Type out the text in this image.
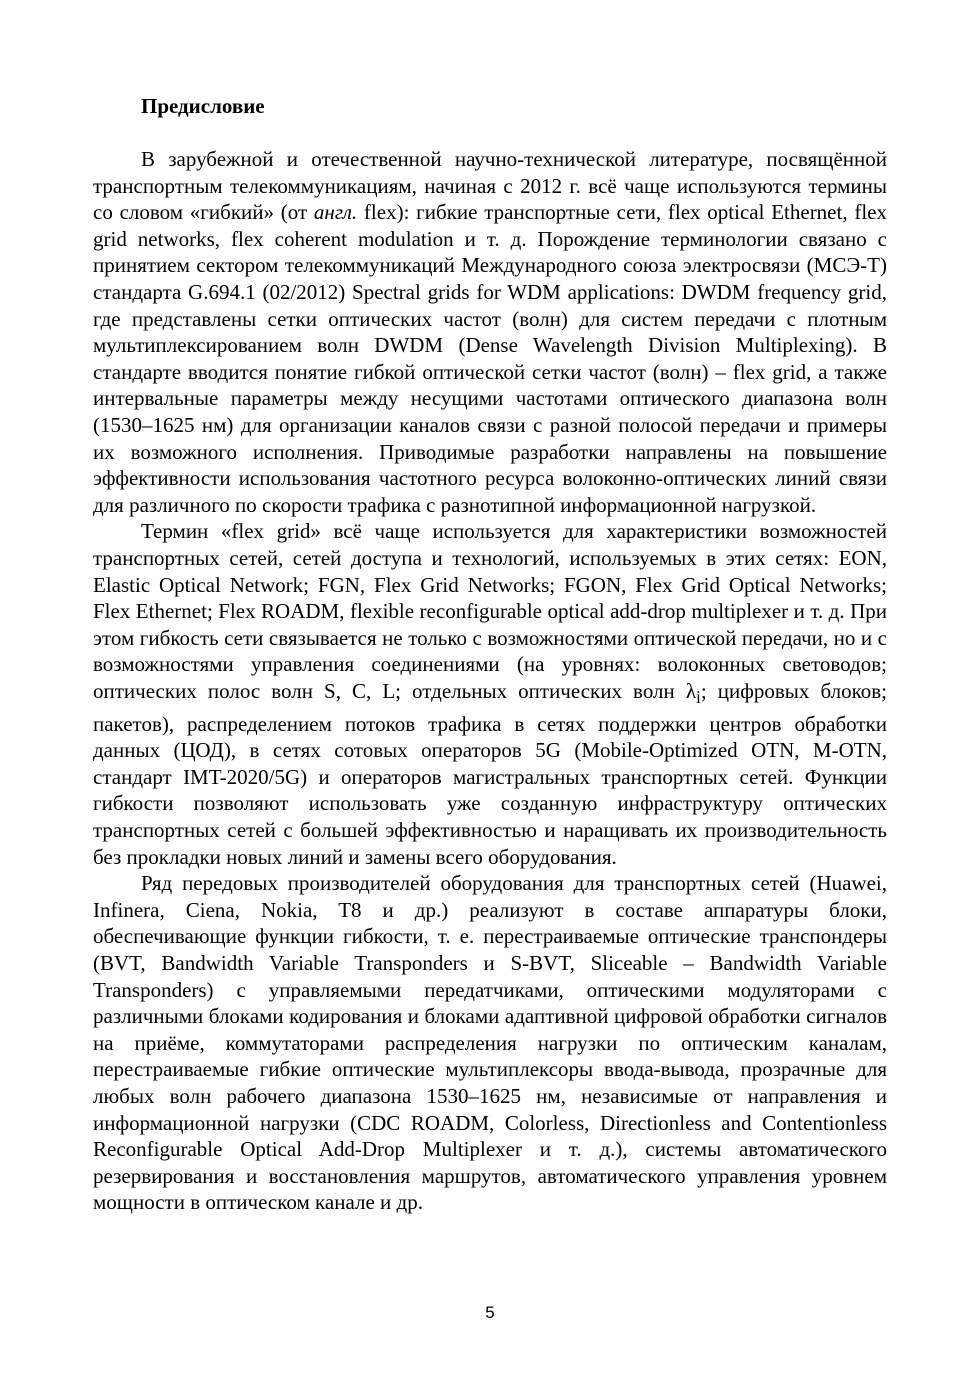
Предисловие

В зарубежной и отечественной научно-технической литературе, посвящённой транспортным телекоммуникациям, начиная с 2012 г. всё чаще используются термины со словом «гибкий» (от англ. flex): гибкие транспортные сети, flex optical Ethernet, flex grid networks, flex coherent modulation и т. д. Порождение терминологии связано с принятием сектором телекоммуникаций Международного союза электросвязи (МСЭ-Т) стандарта G.694.1 (02/2012) Spectral grids for WDM applications: DWDM frequency grid, где представлены сетки оптических частот (волн) для систем передачи с плотным мультиплексированием волн DWDM (Dense Wavelength Division Multiplexing). В стандарте вводится понятие гибкой оптической сетки частот (волн) – flex grid, а также интервальные параметры между несущими частотами оптического диапазона волн (1530–1625 нм) для организации каналов связи с разной полосой передачи и примеры их возможного исполнения. Приводимые разработки направлены на повышение эффективности использования частотного ресурса волоконно-оптических линий связи для различного по скорости трафика с разнотипной информационной нагрузкой.

Термин «flex grid» всё чаще используется для характеристики возможностей транспортных сетей, сетей доступа и технологий, используемых в этих сетях: EON, Elastic Optical Network; FGN, Flex Grid Networks; FGON, Flex Grid Optical Networks; Flex Ethernet; Flex ROADM, flexible reconfigurable optical add-drop multiplexer и т. д. При этом гибкость сети связывается не только с возможностями оптической передачи, но и с возможностями управления соединениями (на уровнях: волоконных световодов; оптических полос волн S, C, L; отдельных оптических волн $\lambda_i$; цифровых блоков; пакетов), распределением потоков трафика в сетях поддержки центров обработки данных (ЦОД), в сетях сотовых операторов 5G (Mobile-Optimized OTN, M-OTN, стандарт IMT-2020/5G) и операторов магистральных транспортных сетей. Функции гибкости позволяют использовать уже созданную инфраструктуру оптических транспортных сетей с большей эффективностью и наращивать их производительность без прокладки новых линий и замены всего оборудования.

Ряд передовых производителей оборудования для транспортных сетей (Huawei, Infinera, Ciena, Nokia, T8 и др.) реализуют в составе аппаратуры блоки, обеспечивающие функции гибкости, т. е. перестраиваемые оптические транспондеры (BVT, Bandwidth Variable Transponders и S-BVT, Sliceable – Bandwidth Variable Transponders) с управляемыми передатчиками, оптическими модуляторами с различными блоками кодирования и блоками адаптивной цифровой обработки сигналов на приёме, коммутаторами распределения нагрузки по оптическим каналам, перестраиваемые гибкие оптические мультиплексоры ввода-вывода, прозрачные для любых волн рабочего диапазона 1530–1625 нм, независимые от направления и информационной нагрузки (CDC ROADM, Colorless, Directionless and Contentionless Reconfigurable Optical Add-Drop Multiplexer и т. д.), системы автоматического резервирования и восстановления маршрутов, автоматического управления уровнем мощности в оптическом канале и др.

5
